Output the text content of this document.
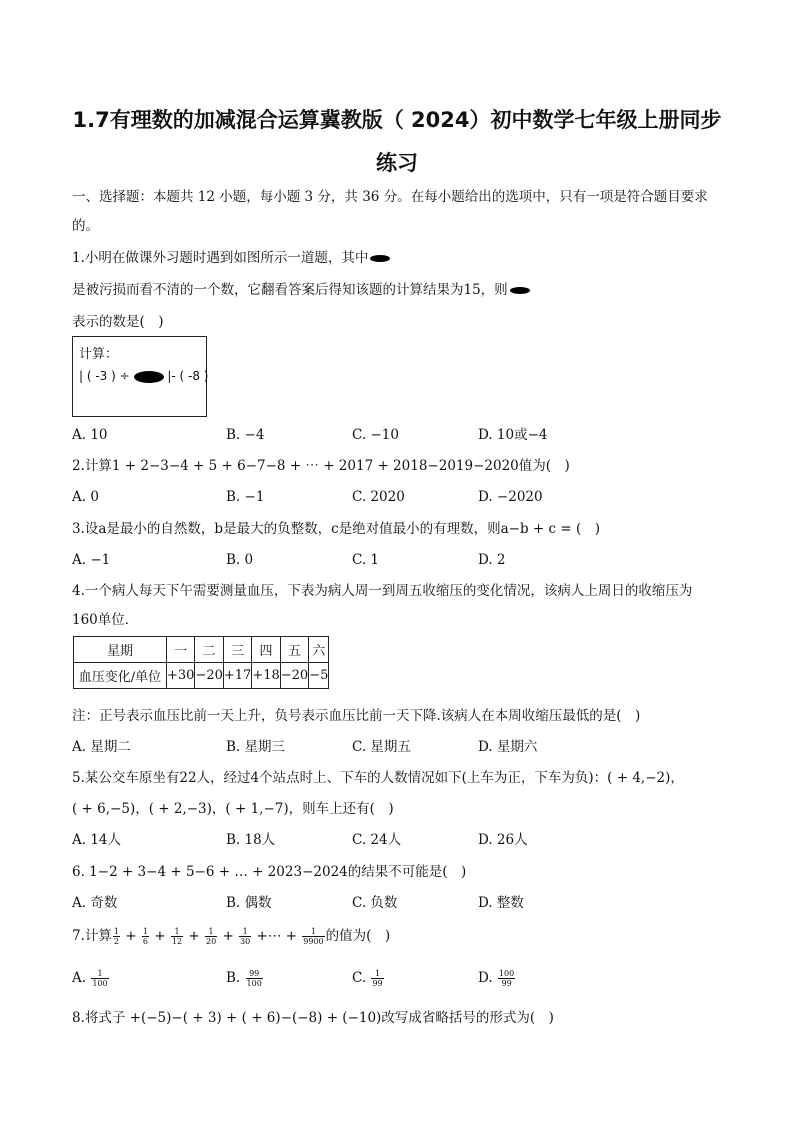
1.7有理数的加减混合运算冀教版（ 2024）初中数学七年级上册同步
练习
一、选择题：本题共 12 小题，每小题 3 分，共 36 分。在每小题给出的选项中，只有一项是符合题目要求
的。
1.小明在做课外习题时遇到如图所示一道题，其中
是被污损而看不清的一个数，它翻看答案后得知该题的计算结果为15，则
表示的数是(　)
计算：
| ( -3 ) ÷	|- ( -8 )
A. 10	B. −4	C. −10	D. 10或−4
2.计算1 + 2−3−4 + 5 + 6−7−8 + ⋯ + 2017 + 2018−2019−2020值为(　)
A. 0	B. −1	C. 2020	D. −2020
3.设a是最小的自然数，b是最大的负整数，c是绝对值最小的有理数，则a−b + c = (　)
A. −1	B. 0	C. 1	D. 2
4.一个病人每天下午需要测量血压，下表为病人周一到周五收缩压的变化情况，该病人上周日的收缩压为
160单位．
星期	一	二	三	四	五	六
血压变化/单位	+30	−20	+17	+18	−20	−5
注：正号表示血压比前一天上升，负号表示血压比前一天下降.该病人在本周收缩压最低的是(　)
A. 星期二	B. 星期三	C. 星期五	D. 星期六
5.某公交车原坐有22人，经过4个站点时上、下车的人数情况如下(上车为正，下车为负)：( + 4,−2)，
( + 6,−5)，( + 2,−3)，( + 1,−7)，则车上还有(　)
A. 14人	B. 18人	C. 24人	D. 26人
6. 1−2 + 3−4 + 5−6 + … + 2023−2024的结果不可能是(　)
A. 奇数	B. 偶数	C. 负数	D. 整数
7.计算 $\frac{1}{2} + \frac{1}{6} + \frac{1}{12} + \frac{1}{20} + \frac{1}{30}$ +⋯ + $\frac{1}{9900}$ 的值为(　)
A. $\frac{1}{100}$	B. $\frac{99}{100}$	C. $\frac{1}{99}$	D. $\frac{100}{99}$
8.将式子 +(−5)−( + 3) + ( + 6)−(−8) + (−10)改写成省略括号的形式为(　)
